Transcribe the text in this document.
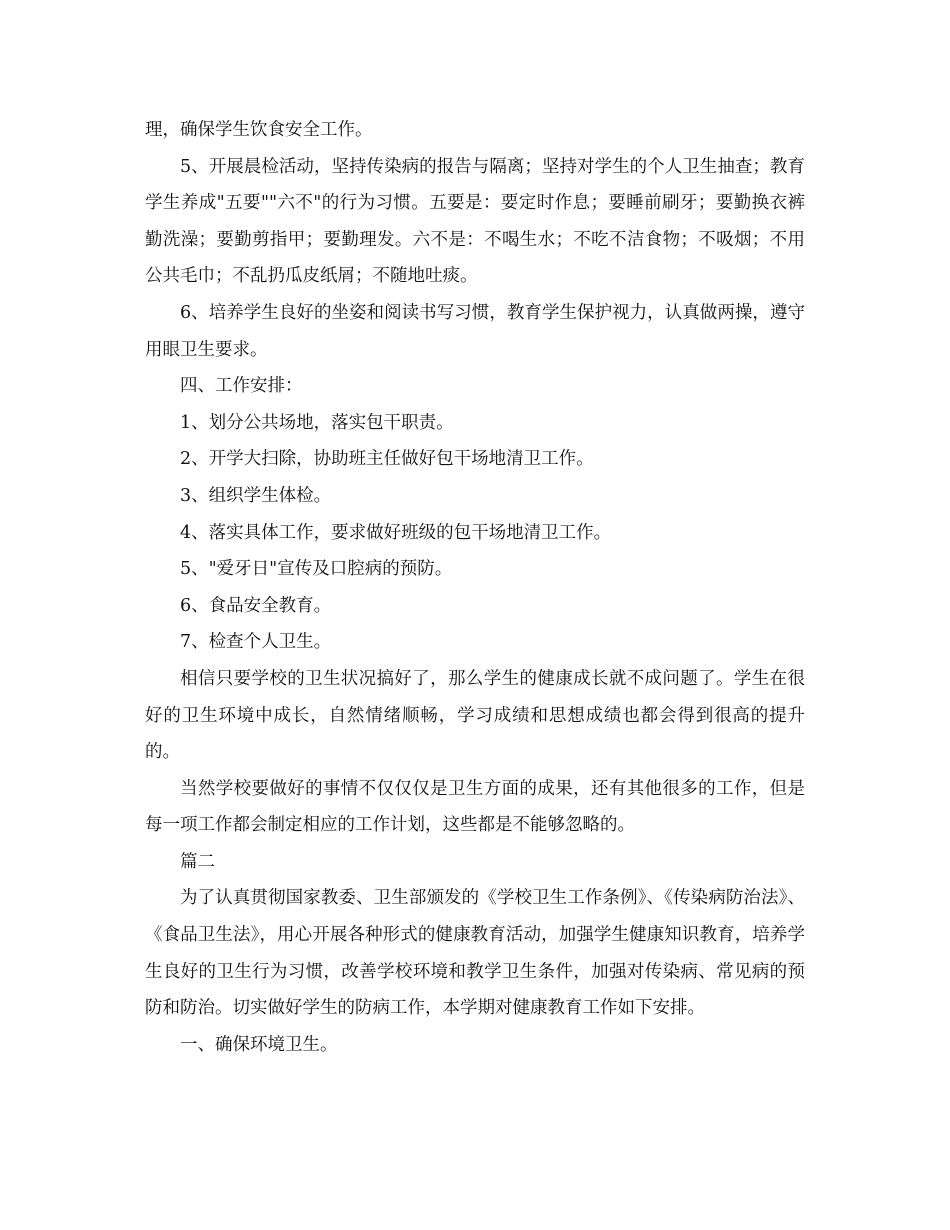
理，确保学生饮食安全工作。

5、开展晨检活动，坚持传染病的报告与隔离；坚持对学生的个人卫生抽查；教育学生养成"五要""六不"的行为习惯。五要是：要定时作息；要睡前刷牙；要勤换衣裤勤洗澡；要勤剪指甲；要勤理发。六不是：不喝生水；不吃不洁食物；不吸烟；不用公共毛巾；不乱扔瓜皮纸屑；不随地吐痰。

6、培养学生良好的坐姿和阅读书写习惯，教育学生保护视力，认真做两操，遵守用眼卫生要求。

四、工作安排：

1、划分公共场地，落实包干职责。

2、开学大扫除，协助班主任做好包干场地清卫工作。

3、组织学生体检。

4、落实具体工作，要求做好班级的包干场地清卫工作。

5、"爱牙日"宣传及口腔病的预防。

6、食品安全教育。

7、检查个人卫生。

相信只要学校的卫生状况搞好了，那么学生的健康成长就不成问题了。学生在很好的卫生环境中成长，自然情绪顺畅，学习成绩和思想成绩也都会得到很高的提升的。

当然学校要做好的事情不仅仅仅是卫生方面的成果，还有其他很多的工作，但是每一项工作都会制定相应的工作计划，这些都是不能够忽略的。

篇二

为了认真贯彻国家教委、卫生部颁发的《学校卫生工作条例》、《传染病防治法》、《食品卫生法》，用心开展各种形式的健康教育活动，加强学生健康知识教育，培养学生良好的卫生行为习惯，改善学校环境和教学卫生条件，加强对传染病、常见病的预防和防治。切实做好学生的防病工作，本学期对健康教育工作如下安排。

一、确保环境卫生。
